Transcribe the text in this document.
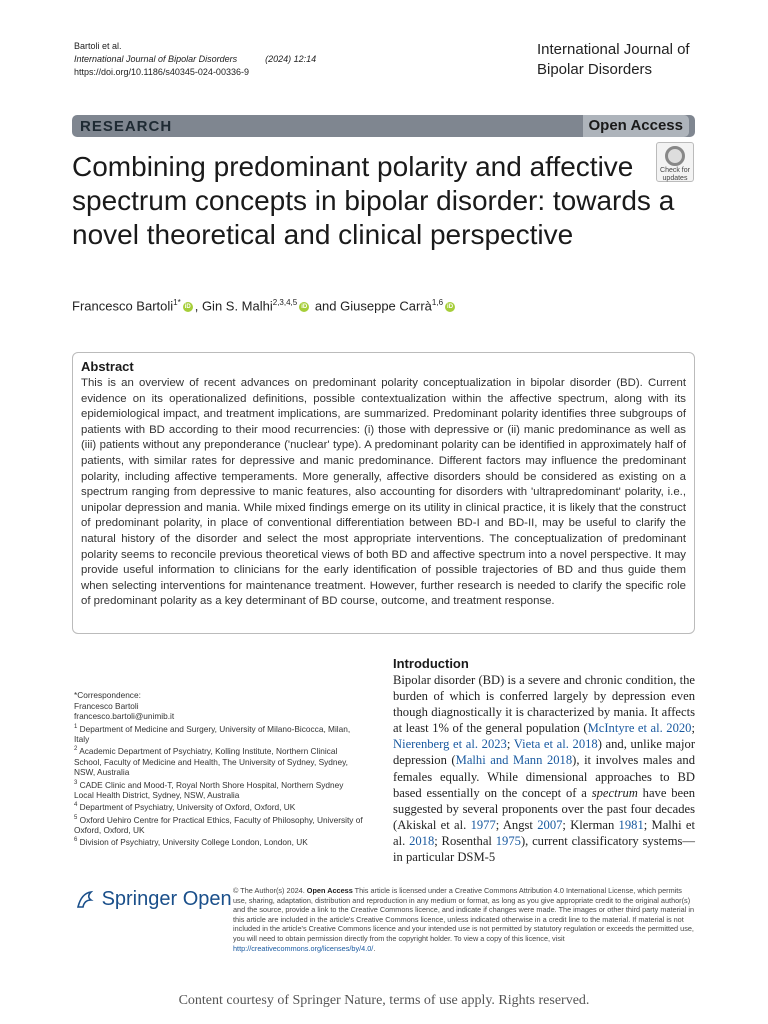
Bartoli et al.
International Journal of Bipolar Disorders	(2024) 12:14
https://doi.org/10.1186/s40345-024-00336-9
International Journal of
Bipolar Disorders
RESEARCH	Open Access
Combining predominant polarity and affective spectrum concepts in bipolar disorder: towards a novel theoretical and clinical perspective
Check for
updates
Francesco Bartoli$^{1*}$ iD , Gin S. Malhi$^{2,3,4,5}$ iD and Giuseppe Carrà$^{1,6}$ iD
Abstract

This is an overview of recent advances on predominant polarity conceptualization in bipolar disorder (BD). Current evidence on its operationalized definitions, possible contextualization within the affective spectrum, along with its epidemiological impact, and treatment implications, are summarized. Predominant polarity identifies three subgroups of patients with BD according to their mood recurrencies: (i) those with depressive or (ii) manic predominance as well as (iii) patients without any preponderance ('nuclear' type). A predominant polarity can be identified in approximately half of patients, with similar rates for depressive and manic predominance. Different factors may influence the predominant polarity, including affective temperaments. More generally, affective disorders should be considered as existing on a spectrum ranging from depressive to manic features, also accounting for disorders with 'ultrapredominant' polarity, i.e., unipolar depression and mania. While mixed findings emerge on its utility in clinical practice, it is likely that the construct of predominant polarity, in place of conventional differentiation between BD-I and BD-II, may be useful to clarify the natural history of the disorder and select the most appropriate interventions. The conceptualization of predominant polarity seems to reconcile previous theoretical views of both BD and affective spectrum into a novel perspective. It may provide useful information to clinicians for the early identification of possible trajectories of BD and thus guide them when selecting interventions for maintenance treatment. However, further research is needed to clarify the specific role of predominant polarity as a key determinant of BD course, outcome, and treatment response.

*Correspondence:
Francesco Bartoli
francesco.bartoli@unimib.it
$^1$ Department of Medicine and Surgery, University of Milano-Bicocca, Milan, Italy
$^2$ Academic Department of Psychiatry, Kolling Institute, Northern Clinical School, Faculty of Medicine and Health, The University of Sydney, Sydney, NSW, Australia
$^3$ CADE Clinic and Mood-T, Royal North Shore Hospital, Northern Sydney Local Health District, Sydney, NSW, Australia
$^4$ Department of Psychiatry, University of Oxford, Oxford, UK
$^5$ Oxford Uehiro Centre for Practical Ethics, Faculty of Philosophy, University of Oxford, Oxford, UK
$^6$ Division of Psychiatry, University College London, London, UK
Introduction
Bipolar disorder (BD) is a severe and chronic condition, the burden of which is conferred largely by depression even though diagnostically it is characterized by mania. It affects at least 1% of the general population (McIntyre et al. 2020; Nierenberg et al. 2023; Vieta et al. 2018) and, unlike major depression (Malhi and Mann 2018), it involves males and females equally. While dimensional approaches to BD based essentially on the concept of a spectrum have been suggested by several proponents over the past four decades (Akiskal et al. 1977; Angst 2007; Klerman 1981; Malhi et al. 2018; Rosenthal 1975), current classificatory systems—in particular DSM-5
Springer Open © The Author(s) 2024. Open Access This article is licensed under a Creative Commons Attribution 4.0 International License, which permits use, sharing, adaptation, distribution and reproduction in any medium or format, as long as you give appropriate credit to the original author(s) and the source, provide a link to the Creative Commons licence, and indicate if changes were made. The images or other third party material in this article are included in the article's Creative Commons licence, unless indicated otherwise in a credit line to the material. If material is not included in the article's Creative Commons licence and your intended use is not permitted by statutory regulation or exceeds the permitted use, you will need to obtain permission directly from the copyright holder. To view a copy of this licence, visit http://creativecommons.org/licenses/by/4.0/.
Content courtesy of Springer Nature, terms of use apply. Rights reserved.
